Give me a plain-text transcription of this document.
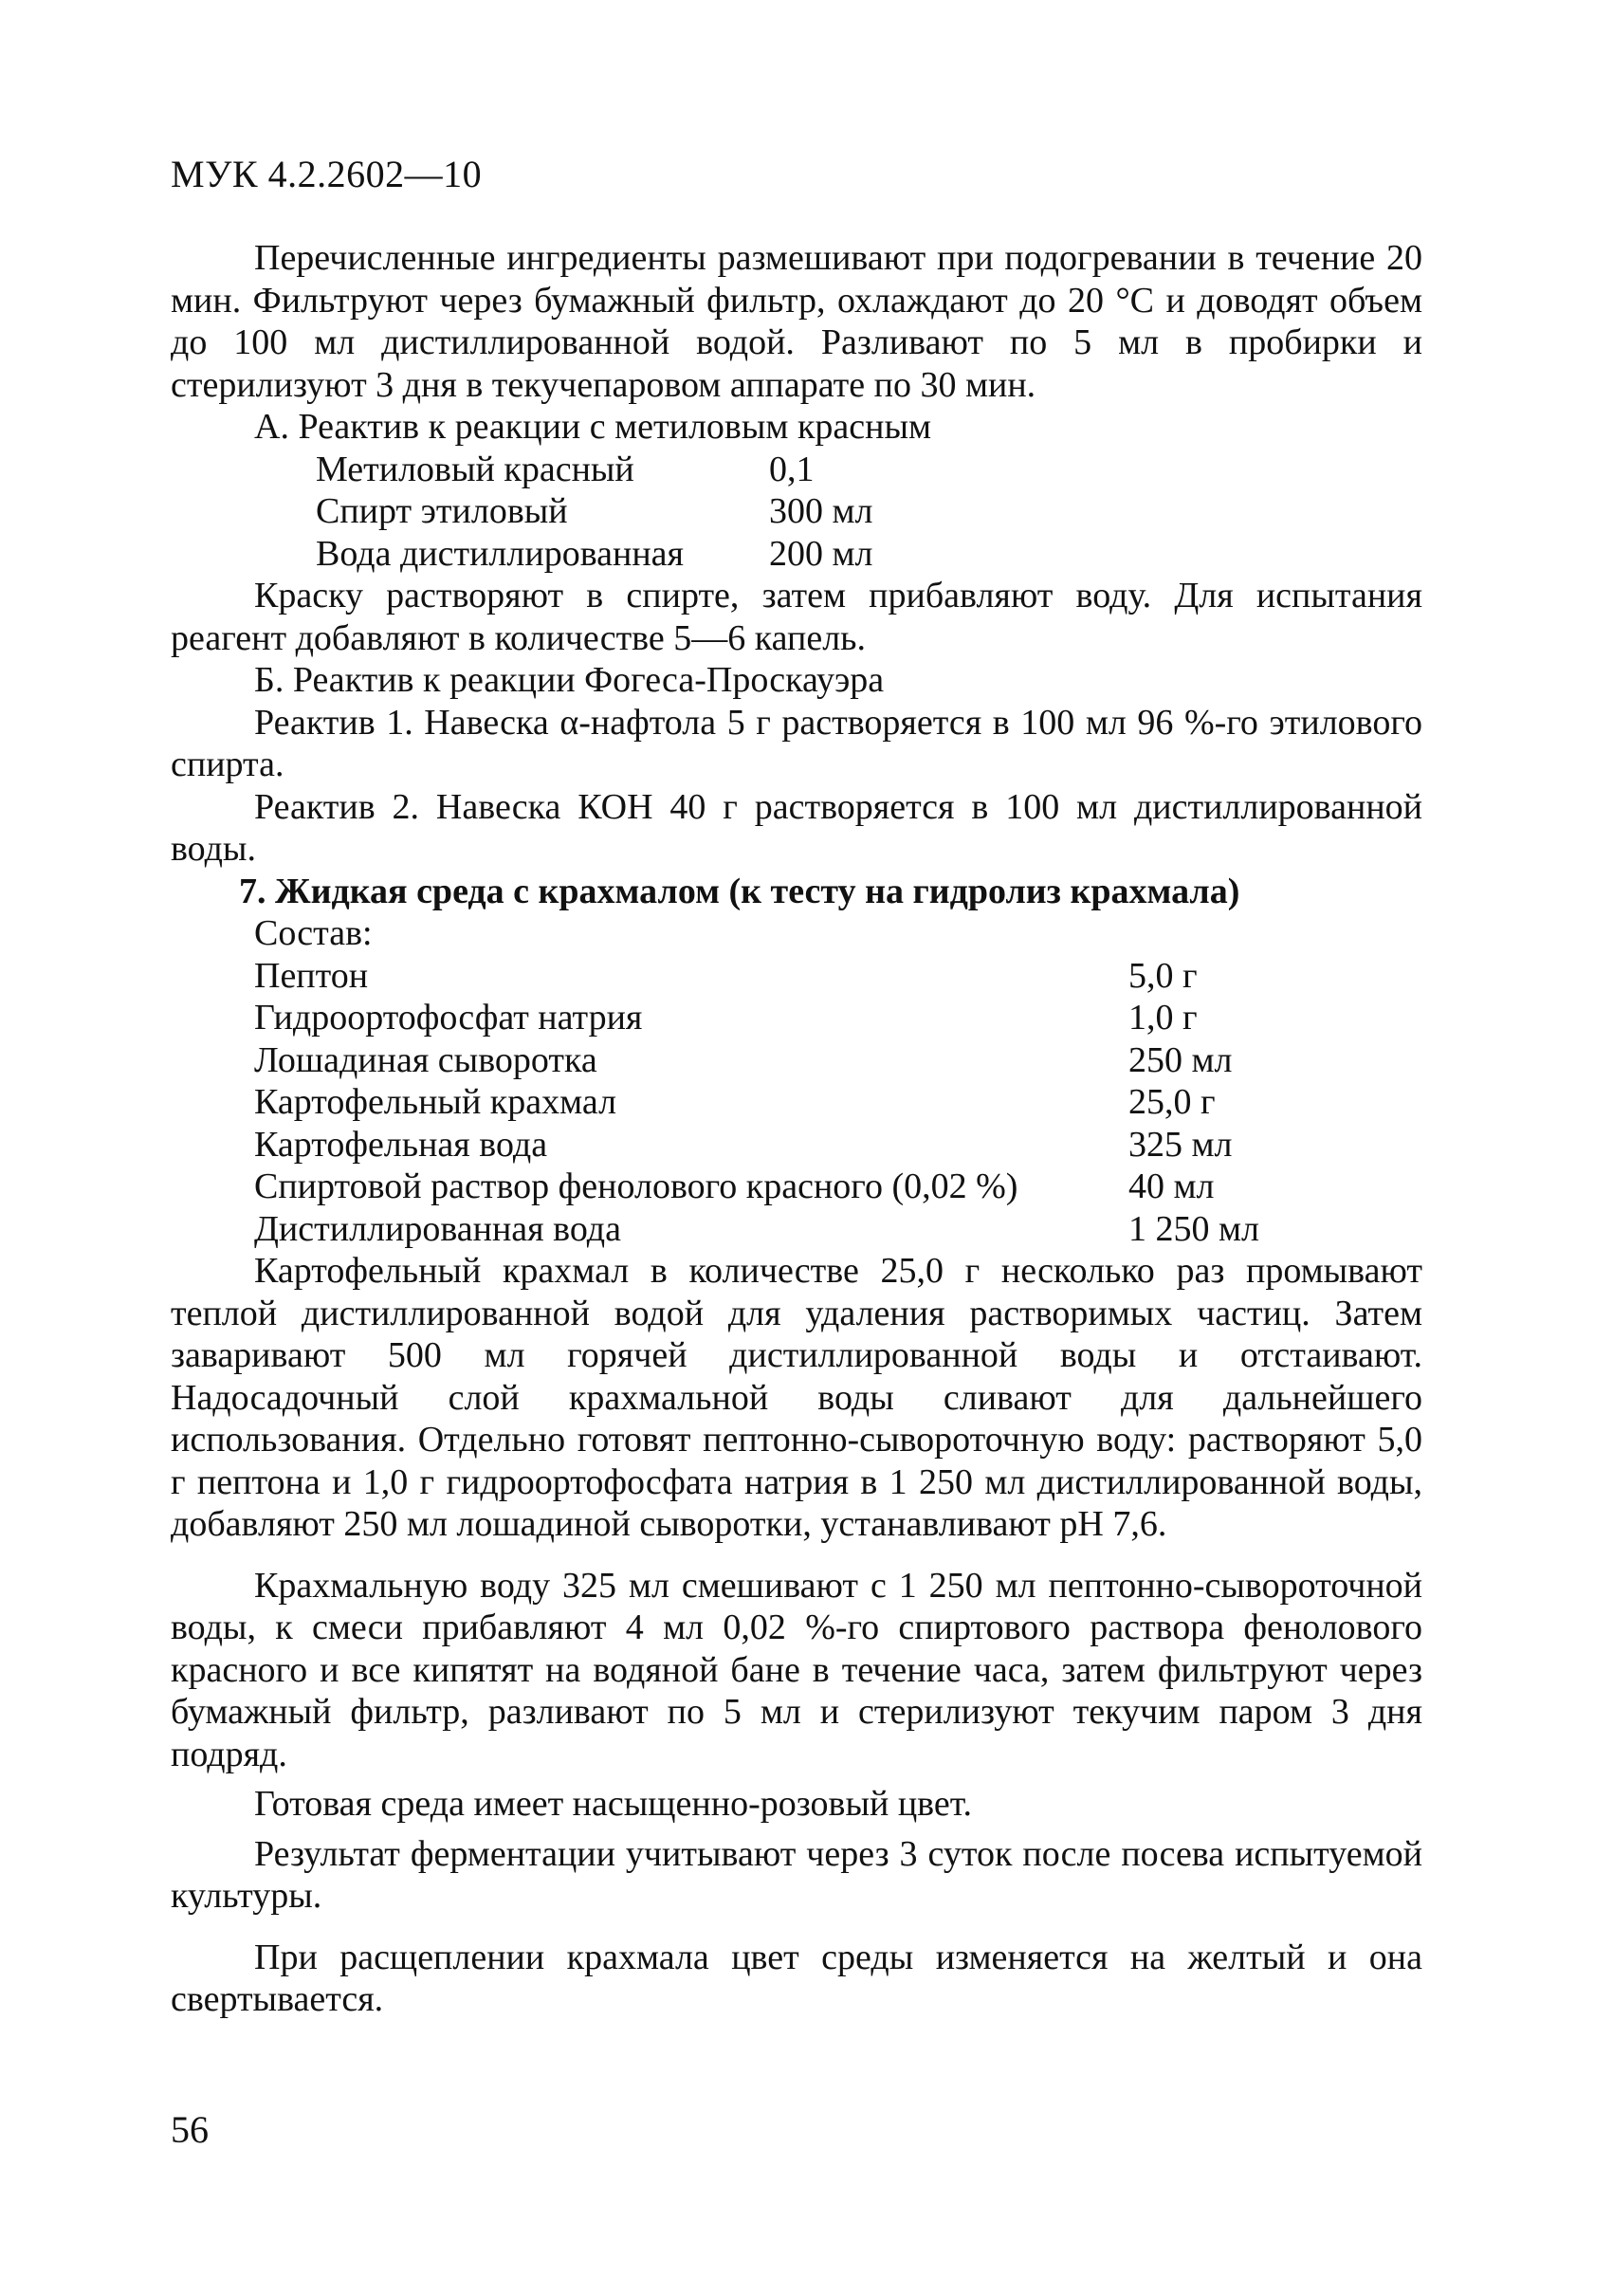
МУК 4.2.2602—10

Перечисленные ингредиенты размешивают при подогревании в течение 20 мин. Фильтруют через бумажный фильтр, охлаждают до 20 °С и доводят объем до 100 мл дистиллированной водой. Разливают по 5 мл в пробирки и стерилизуют 3 дня в текучепаровом аппарате по 30 мин.

А. Реактив к реакции с метиловым красным

Метиловый красный	0,1
Спирт этиловый	300 мл
Вода дистиллированная	200 мл

Краску растворяют в спирте, затем прибавляют воду. Для испытания реагент добавляют в количестве 5—6 капель.

Б. Реактив к реакции Фогеса-Проскауэра

Реактив 1. Навеска α-нафтола 5 г растворяется в 100 мл 96 %-го этилового спирта.

Реактив 2. Навеска КОН 40 г растворяется в 100 мл дистиллированной воды.

7. Жидкая среда с крахмалом (к тесту на гидролиз крахмала)

Состав:

Пептон	5,0 г
Гидроортофосфат натрия	1,0 г
Лошадиная сыворотка	250 мл
Картофельный крахмал	25,0 г
Картофельная вода	325 мл
Спиртовой раствор фенолового красного (0,02 %)	40 мл
Дистиллированная вода	1 250 мл

Картофельный крахмал в количестве 25,0 г несколько раз промывают теплой дистиллированной водой для удаления растворимых частиц. Затем заваривают 500 мл горячей дистиллированной воды и отстаивают. Надосадочный слой крахмальной воды сливают для дальнейшего использования. Отдельно готовят пептонно-сывороточную воду: растворяют 5,0 г пептона и 1,0 г гидроортофосфата натрия в 1 250 мл дистиллированной воды, добавляют 250 мл лошадиной сыворотки, устанавливают pH 7,6.

Крахмальную воду 325 мл смешивают с 1 250 мл пептонно-сывороточной воды, к смеси прибавляют 4 мл 0,02 %-го спиртового раствора фенолового красного и все кипятят на водяной бане в течение часа, затем фильтруют через бумажный фильтр, разливают по 5 мл и стерилизуют текучим паром 3 дня подряд.

Готовая среда имеет насыщенно-розовый цвет.

Результат ферментации учитывают через 3 суток после посева испытуемой культуры.

При расщеплении крахмала цвет среды изменяется на желтый и она свертывается.

56
